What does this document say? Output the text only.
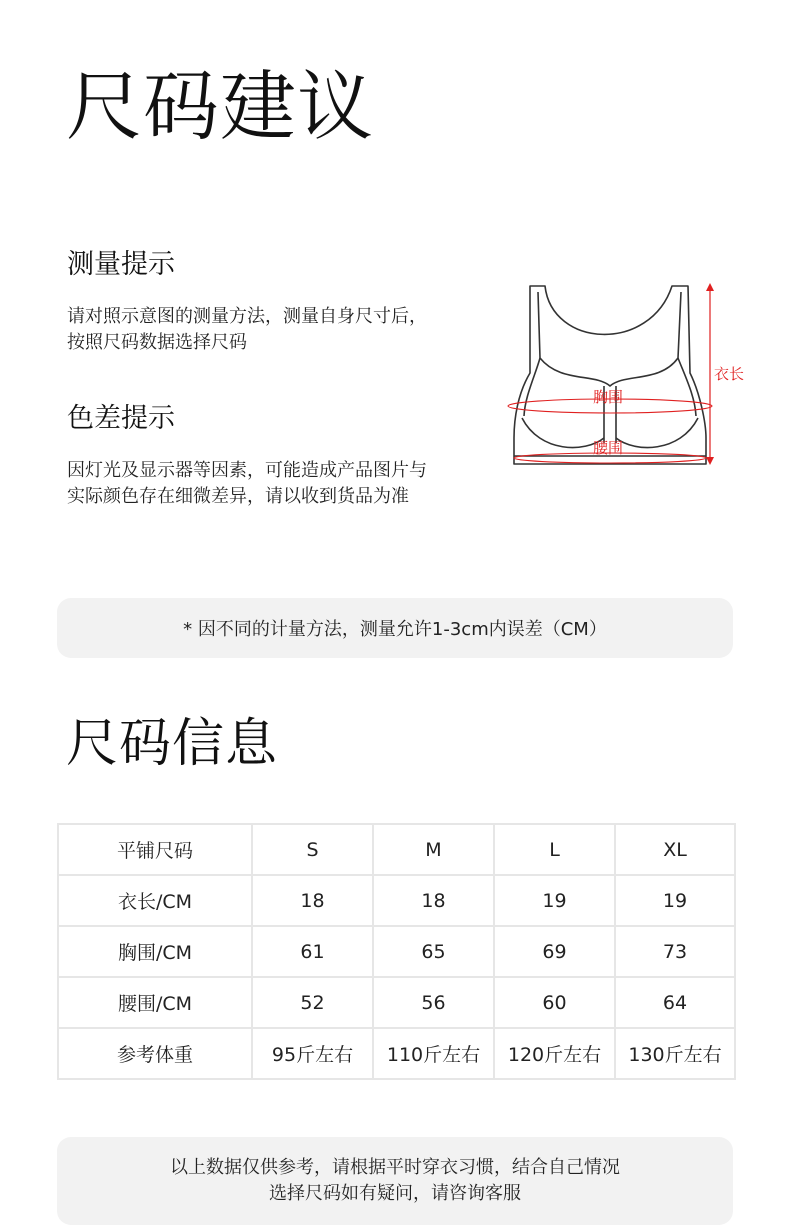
尺码建议
测量提示
请对照示意图的测量方法，测量自身尺寸后，
按照尺码数据选择尺码
色差提示
因灯光及显示器等因素，可能造成产品图片与
实际颜色存在细微差异，请以收到货品为准
衣长
胸围
腰围
* 因不同的计量方法，测量允许1-3cm内误差（CM）
尺码信息
平铺尺码	S	M	L	XL
衣长/CM	18	18	19	19
胸围/CM	61	65	69	73
腰围/CM	52	56	60	64
参考体重	95斤左右	110斤左右	120斤左右	130斤左右
以上数据仅供参考，请根据平时穿衣习惯，结合自己情况
选择尺码如有疑问，请咨询客服
